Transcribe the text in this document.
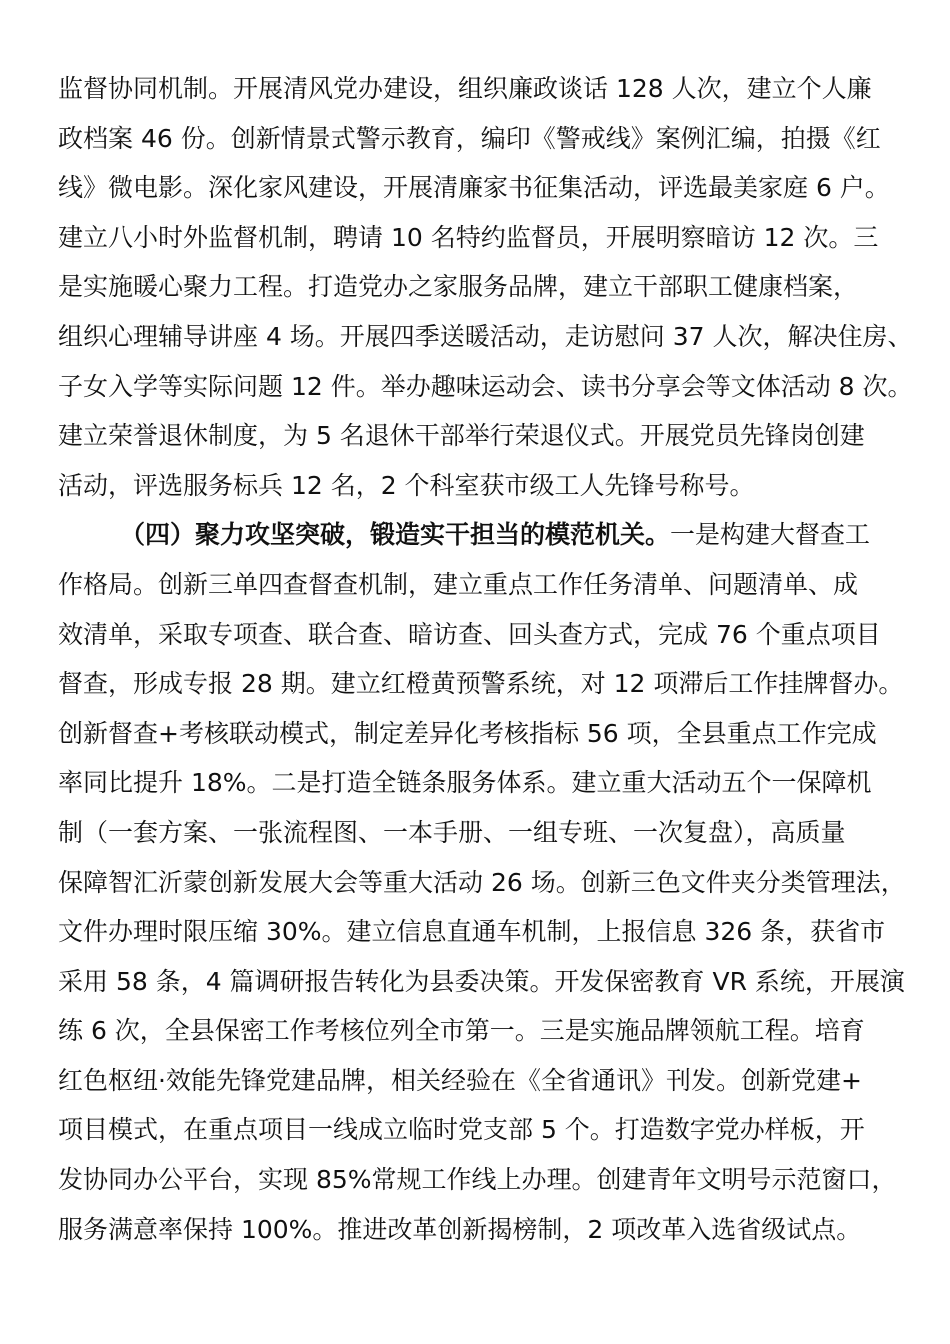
监督协同机制。开展清风党办建设，组织廉政谈话 128 人次，建立个人廉
政档案 46 份。创新情景式警示教育，编印《警戒线》案例汇编，拍摄《红
线》微电影。深化家风建设，开展清廉家书征集活动，评选最美家庭 6 户。
建立八小时外监督机制，聘请 10 名特约监督员，开展明察暗访 12 次。三
是实施暖心聚力工程。打造党办之家服务品牌，建立干部职工健康档案，
组织心理辅导讲座 4 场。开展四季送暖活动，走访慰问 37 人次，解决住房、
子女入学等实际问题 12 件。举办趣味运动会、读书分享会等文体活动 8 次。
建立荣誉退休制度，为 5 名退休干部举行荣退仪式。开展党员先锋岗创建
活动，评选服务标兵 12 名，2 个科室获市级工人先锋号称号。
（四）聚力攻坚突破，锻造实干担当的模范机关。一是构建大督查工
作格局。创新三单四查督查机制，建立重点工作任务清单、问题清单、成
效清单，采取专项查、联合查、暗访查、回头查方式，完成 76 个重点项目
督查，形成专报 28 期。建立红橙黄预警系统，对 12 项滞后工作挂牌督办。
创新督查+考核联动模式，制定差异化考核指标 56 项，全县重点工作完成
率同比提升 18%。二是打造全链条服务体系。建立重大活动五个一保障机
制（一套方案、一张流程图、一本手册、一组专班、一次复盘），高质量
保障智汇沂蒙创新发展大会等重大活动 26 场。创新三色文件夹分类管理法，
文件办理时限压缩 30%。建立信息直通车机制，上报信息 326 条，获省市
采用 58 条，4 篇调研报告转化为县委决策。开发保密教育 VR 系统，开展演
练 6 次，全县保密工作考核位列全市第一。三是实施品牌领航工程。培育
红色枢纽·效能先锋党建品牌，相关经验在《全省通讯》刊发。创新党建+
项目模式，在重点项目一线成立临时党支部 5 个。打造数字党办样板，开
发协同办公平台，实现 85%常规工作线上办理。创建青年文明号示范窗口，
服务满意率保持 100%。推进改革创新揭榜制，2 项改革入选省级试点。
